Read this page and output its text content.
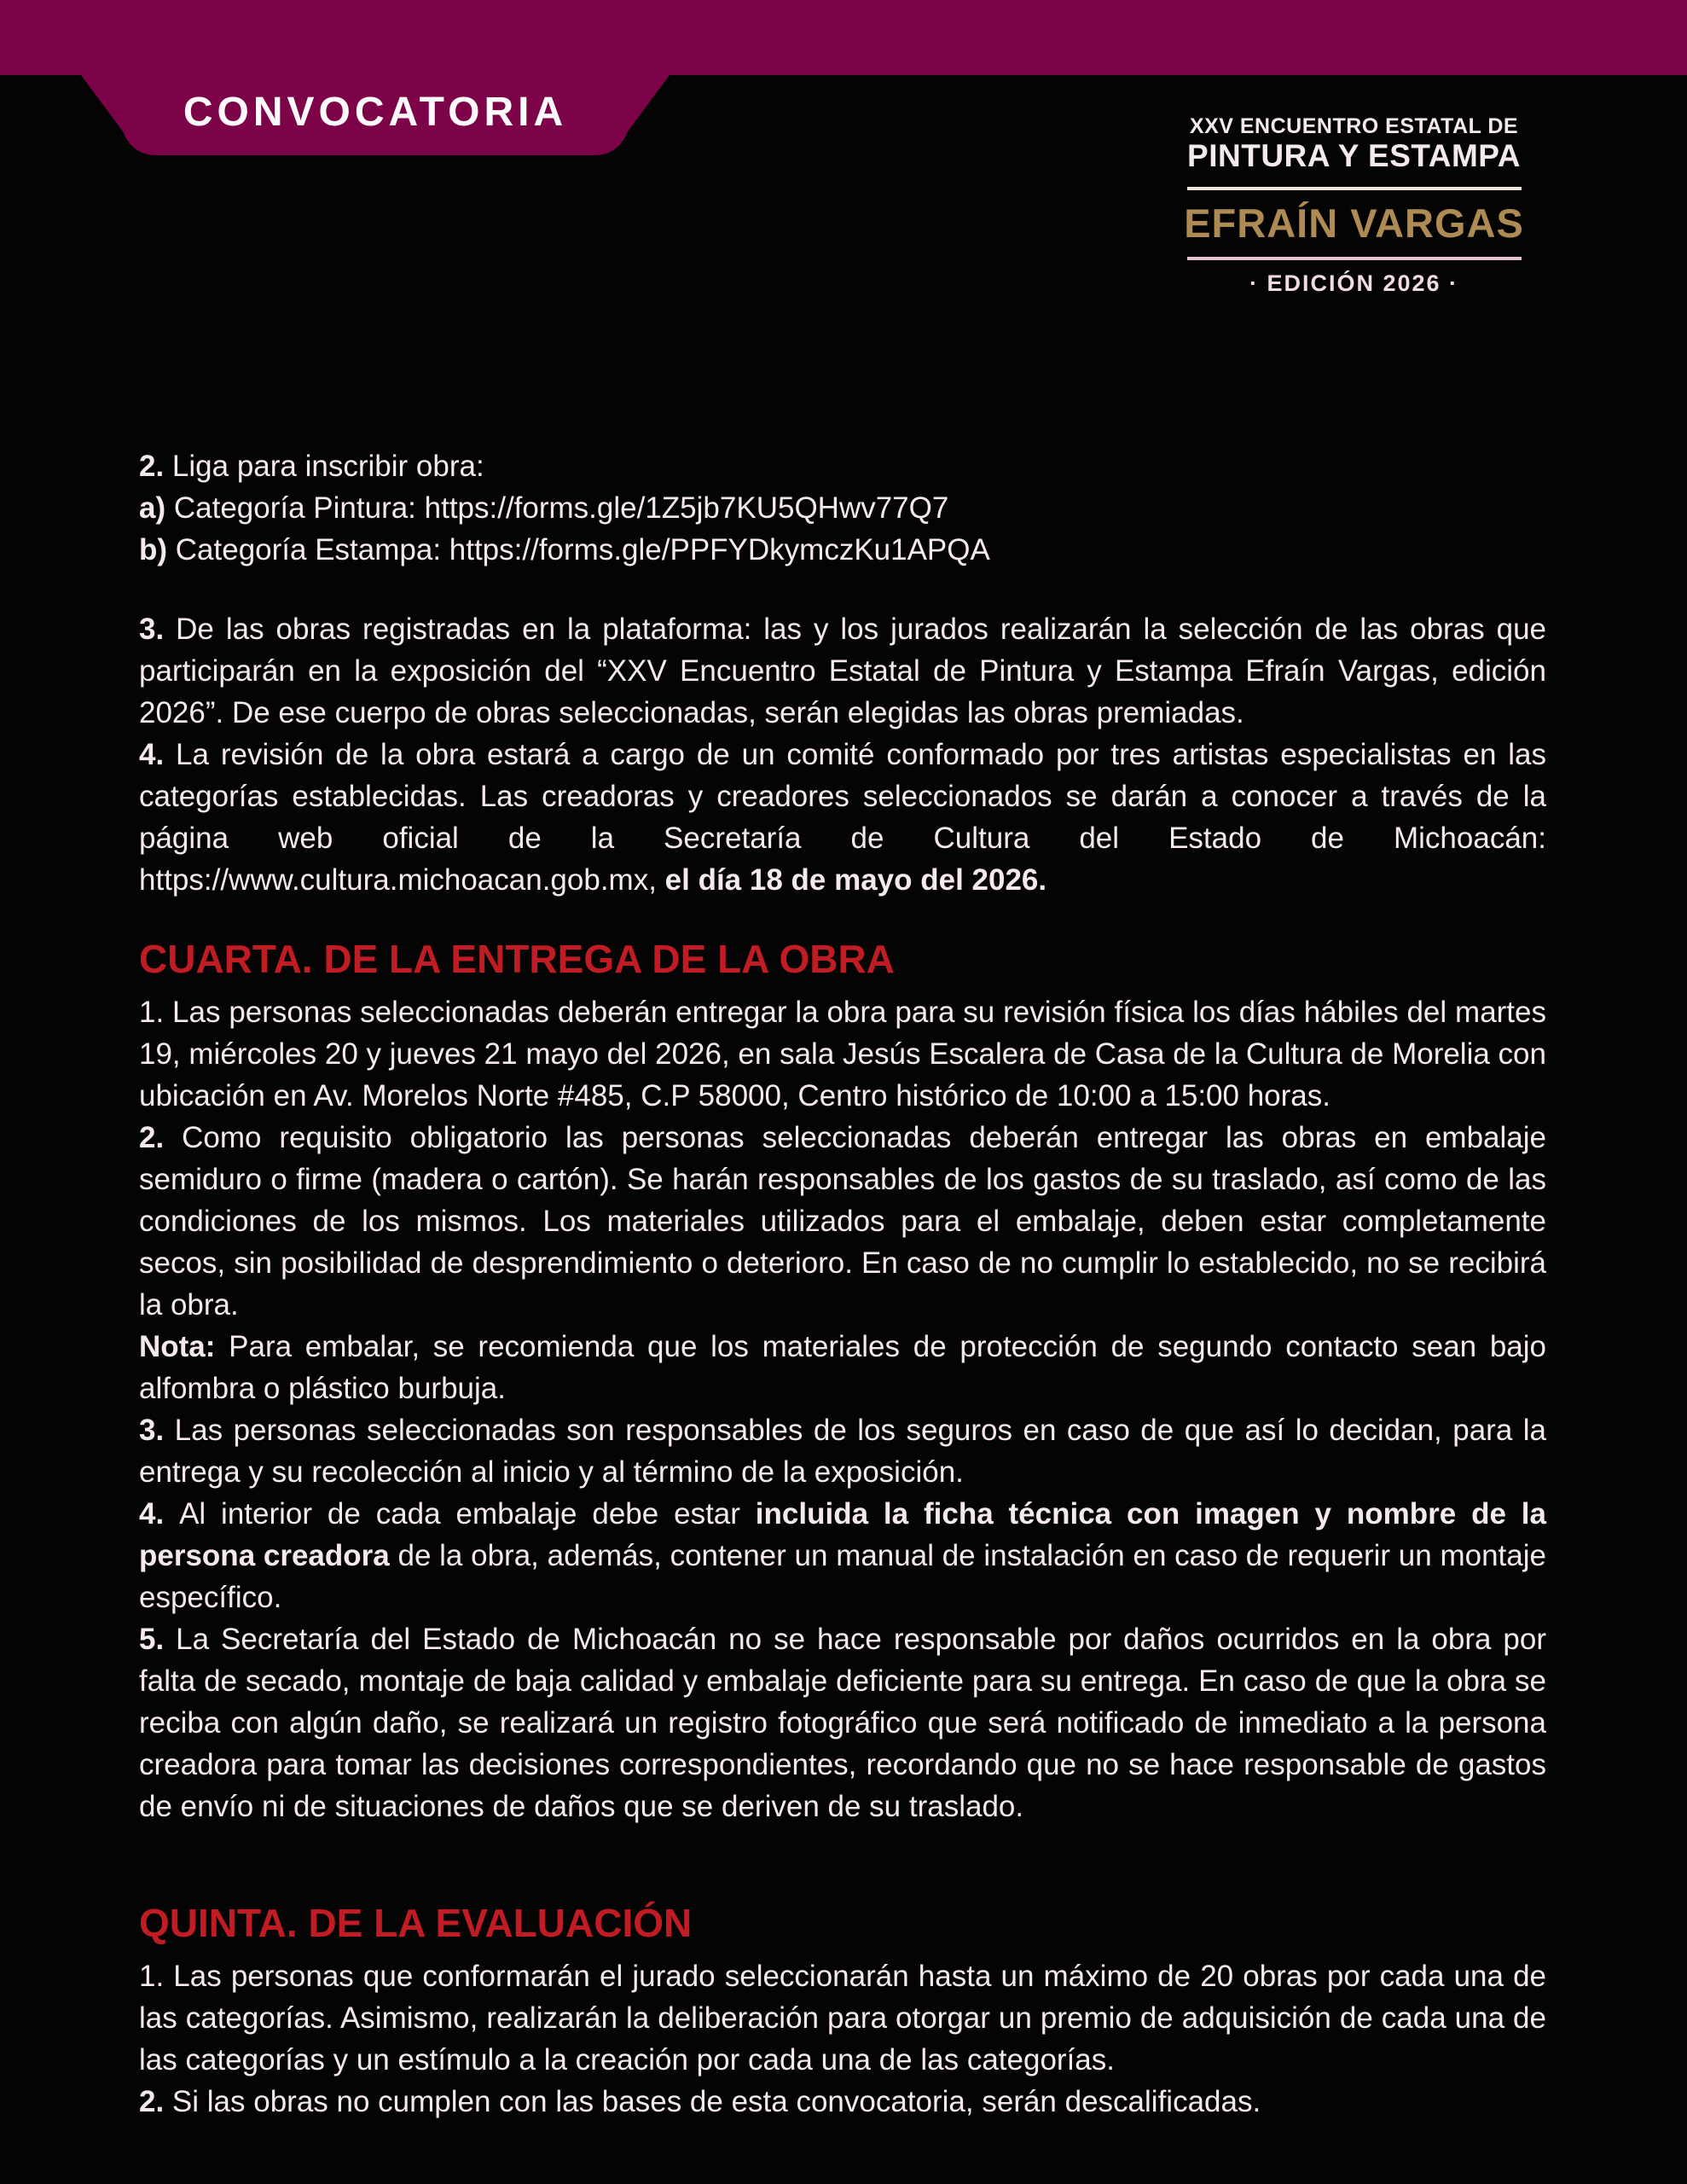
CONVOCATORIA	XXV ENCUENTRO ESTATAL DE
PINTURA Y ESTAMPA
EFRAÍN VARGAS
· EDICIÓN 2026 ·

2. Liga para inscribir obra:

a) Categoría Pintura: https://forms.gle/1Z5jb7KU5QHwv77Q7

b) Categoría Estampa: https://forms.gle/PPFYDkymczKu1APQA

3. De las obras registradas en la plataforma: las y los jurados realizarán la selección de las obras que participarán en la exposición del “XXV Encuentro Estatal de Pintura y Estampa Efraín Vargas, edición 2026”. De ese cuerpo de obras seleccionadas, serán elegidas las obras premiadas.

4. La revisión de la obra estará a cargo de un comité conformado por tres artistas especialistas en las categorías establecidas. Las creadoras y creadores seleccionados se darán a conocer a través de la página web oficial de la Secretaría de Cultura del Estado de Michoacán: https://www.cultura.michoacan.gob.mx, el día 18 de mayo del 2026.

CUARTA. DE LA ENTREGA DE LA OBRA

1. Las personas seleccionadas deberán entregar la obra para su revisión física los días hábiles del martes 19, miércoles 20 y jueves 21 mayo del 2026, en sala Jesús Escalera de Casa de la Cultura de Morelia con ubicación en Av. Morelos Norte #485, C.P 58000, Centro histórico de 10:00 a 15:00 horas.

2. Como requisito obligatorio las personas seleccionadas deberán entregar las obras en embalaje semiduro o firme (madera o cartón). Se harán responsables de los gastos de su traslado, así como de las condiciones de los mismos. Los materiales utilizados para el embalaje, deben estar completamente secos, sin posibilidad de desprendimiento o deterioro. En caso de no cumplir lo establecido, no se recibirá la obra.

Nota: Para embalar, se recomienda que los materiales de protección de segundo contacto sean bajo alfombra o plástico burbuja.

3. Las personas seleccionadas son responsables de los seguros en caso de que así lo decidan, para la entrega y su recolección al inicio y al término de la exposición.

4. Al interior de cada embalaje debe estar incluida la ficha técnica con imagen y nombre de la persona creadora de la obra, además, contener un manual de instalación en caso de requerir un montaje específico.

5. La Secretaría del Estado de Michoacán no se hace responsable por daños ocurridos en la obra por falta de secado, montaje de baja calidad y embalaje deficiente para su entrega. En caso de que la obra se reciba con algún daño, se realizará un registro fotográfico que será notificado de inmediato a la persona creadora para tomar las decisiones correspondientes, recordando que no se hace responsable de gastos de envío ni de situaciones de daños que se deriven de su traslado.

QUINTA. DE LA EVALUACIÓN

1. Las personas que conformarán el jurado seleccionarán hasta un máximo de 20 obras por cada una de las categorías. Asimismo, realizarán la deliberación para otorgar un premio de adquisición de cada una de las categorías y un estímulo a la creación por cada una de las categorías.

2. Si las obras no cumplen con las bases de esta convocatoria, serán descalificadas.
